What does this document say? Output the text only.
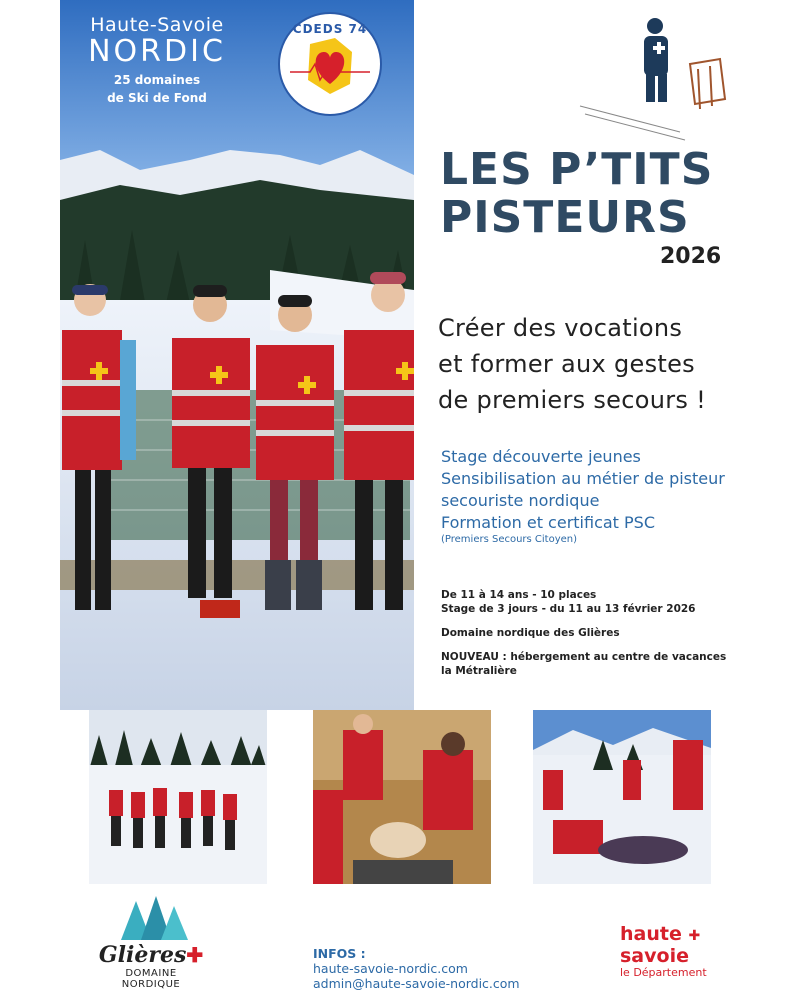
Haute-Savoie
NORDIC
25 domaines
de Ski de Fond
CDEDS 74
LES P’TITS
PISTEURS
2026
Créer des vocations
et former aux gestes
de premiers secours !
Stage découverte jeunes
Sensibilisation au métier de pisteur
secouriste nordique
Formation et certificat PSC
(Premiers Secours Citoyen)
De 11 à 14 ans - 10 places
Stage de 3 jours - du 11 au 13 février 2026
Domaine nordique des Glières
NOUVEAU : hébergement au centre de vacances
la Métralière
Glières✚
DOMAINE NORDIQUE
INFOS :
haute-savoie-nordic.com
admin@haute-savoie-nordic.com
haute ✚
savoie
le Département
